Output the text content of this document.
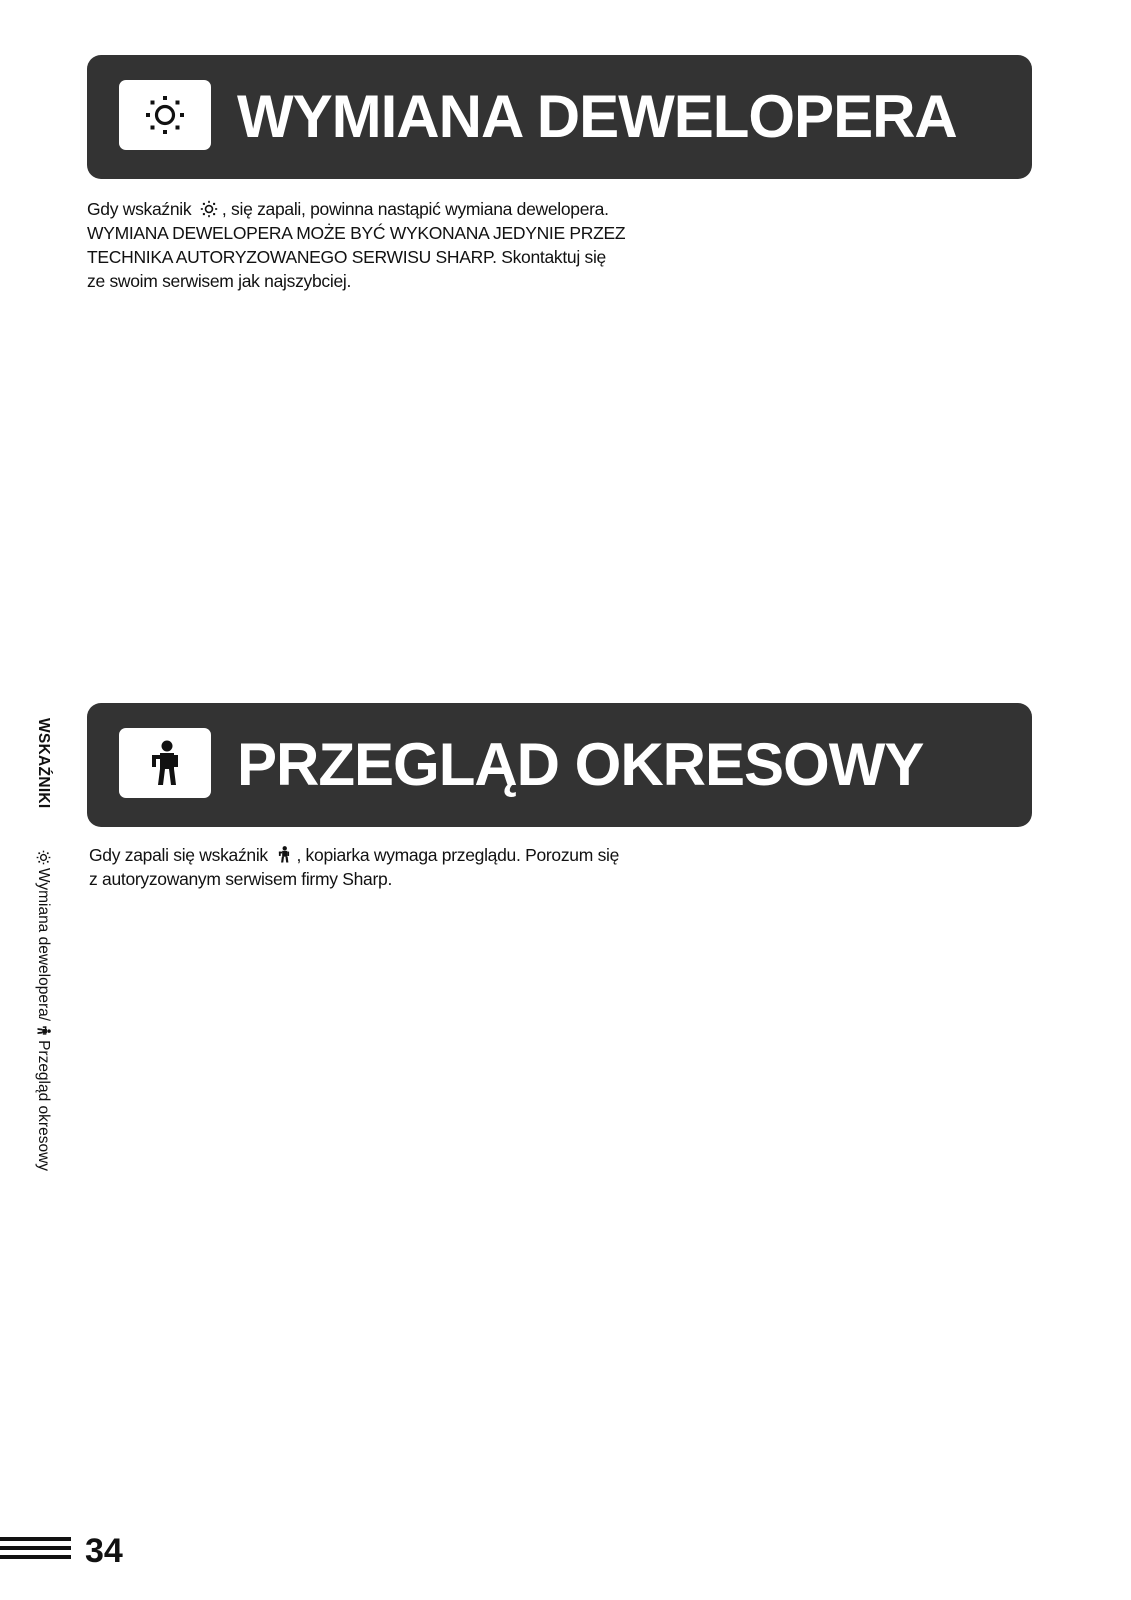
WYMIANA DEWELOPERA

Gdy wskaźnik , się zapali, powinna nastąpić wymiana dewelopera.

WYMIANA DEWELOPERA MOŻE BYĆ WYKONANA JEDYNIE PRZEZ

TECHNIKA AUTORYZOWANEGO SERWISU SHARP. Skontaktuj się

ze swoim serwisem jak najszybciej.

PRZEGLĄD OKRESOWY

Gdy zapali się wskaźnik , kopiarka wymaga przeglądu. Porozum się

z autoryzowanym serwisem firmy Sharp.

WSKAŹNIKI Wymiana dewelopera/Przegląd okresowy
34
